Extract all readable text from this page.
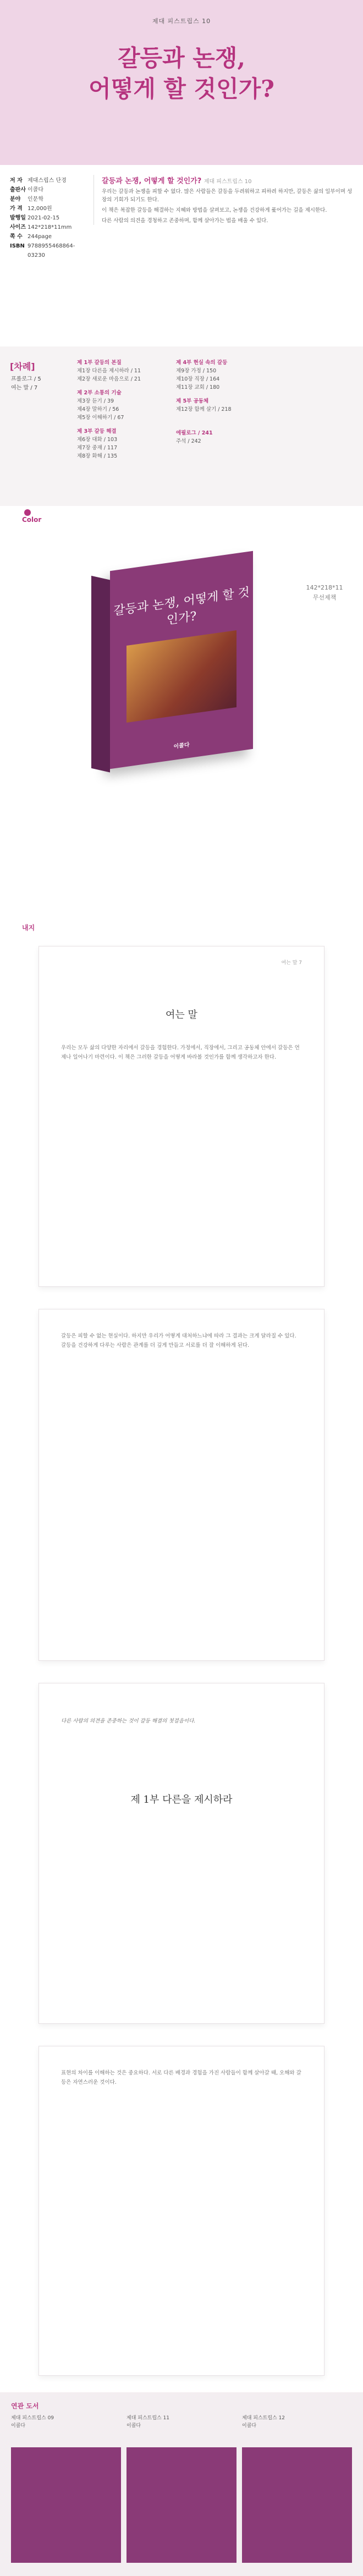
제대 피스트립스 10
갈등과 논쟁,
어떻게 할 것인가?
저 자 제대스립스 단경
출판사 이콜다
분야	인문학
가 격 12,000원
발행일 2021-02-15
사이즈 142*218*11mm
쪽 수 244page
ISBN 9788955468864-03230
갈등과 논쟁, 어떻게 할 것인가? 제대 피스트립스 10

우리는 갈등과 논쟁을 피할 수 없다. 많은 사람들은 갈등을 두려워하고 피하려 하지만, 갈등은 삶의 일부이며 성장의 기회가 되기도 한다.

이 책은 복잡한 갈등을 해결하는 지혜와 방법을 살펴보고, 논쟁을 건강하게 풌어가는 길을 제시한다.

다른 사람의 의견을 경청하고 존중하며, 함께 살아가는 법을 배울 수 있다.

[차례]
프롤로그 / 5
여는 말 / 7
제 1부 갈등의 본질
제1장 다른을 제시하라 / 11
제2장 새로운 마음으로 / 21
제 2부 소통의 기술
제3장 듣기 / 39
제4장 말하기 / 56
제5장 이해하기 / 67
제 3부 갈등 해결
제6장 대화 / 103
제7장 중재 / 117
제8장 화해 / 135
제 4부 현실 속의 갈등
제9장 가정 / 150
제10장 직장 / 164
제11장 교회 / 180
제 5부 공동체
제12장 함께 살기 / 218
에필로그 / 241
주석 / 242
Color
갈등과 논쟁, 어떻게 할 것인가?
이콜다
142*218*11
무선제책
내지
여는 말 7
여는 말
우리는 모두 삶의 다양한 자리에서 갈등을 경험한다. 가정에서, 직장에서, 그리고 공동체 안에서 갈등은 언제나 일어나기 마련이다. 이 책은 그러한 갈등을 어떻게 바라볼 것인가를 함께 생각하고자 한다.
갈등은 피할 수 없는 현실이다. 하지만 우리가 어떻게 대처하느냐에 따라 그 결과는 크게 달라질 수 있다. 갈등을 건강하게 다루는 사람은 관계를 더 깊게 만들고 서로를 더 잘 이해하게 된다.
다른 사람의 의견을 존중하는 것이 갈등 해결의 첫걸음이다.
제 1부 다른을 제시하라
표현의 차이를 이해하는 것은 중요하다. 서로 다른 배경과 경험을 가진 사람들이 함께 살아갈 때, 오해와 갈등은 자연스러운 것이다.
연관 도서
제대 피스트립스 09
이콜다
제대 피스트립스 11
이콜다
제대 피스트립스 12
이콜다
